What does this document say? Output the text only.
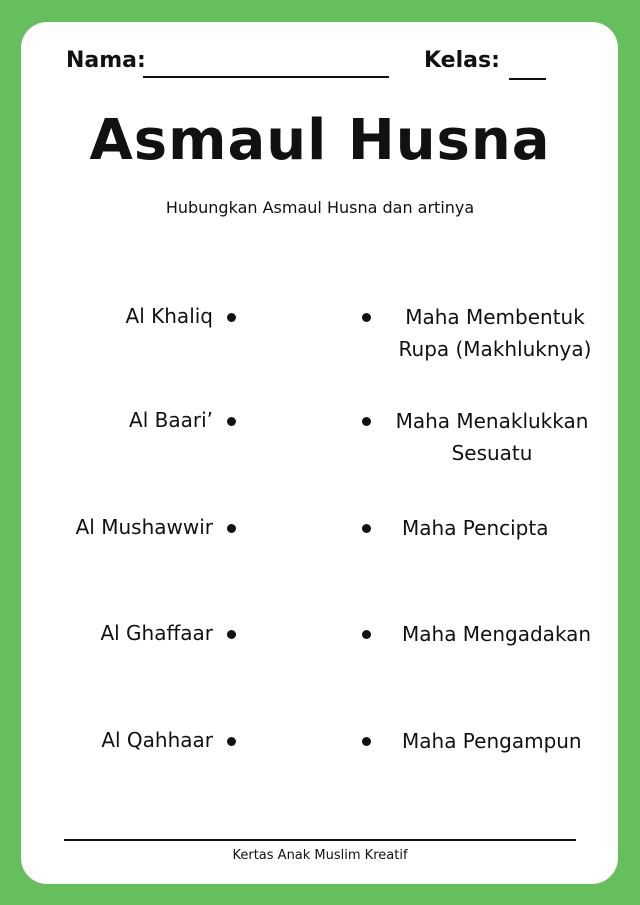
Nama:	Kelas:
Asmaul Husna
Hubungkan Asmaul Husna dan artinya
Al Khaliq
Al Baari’
Al Mushawwir
Al Ghaffaar
Al Qahhaar
Maha Membentuk Rupa (Makhluknya)
Maha Menaklukkan Sesuatu
Maha Pencipta
Maha Mengadakan
Maha Pengampun
Kertas Anak Muslim Kreatif
